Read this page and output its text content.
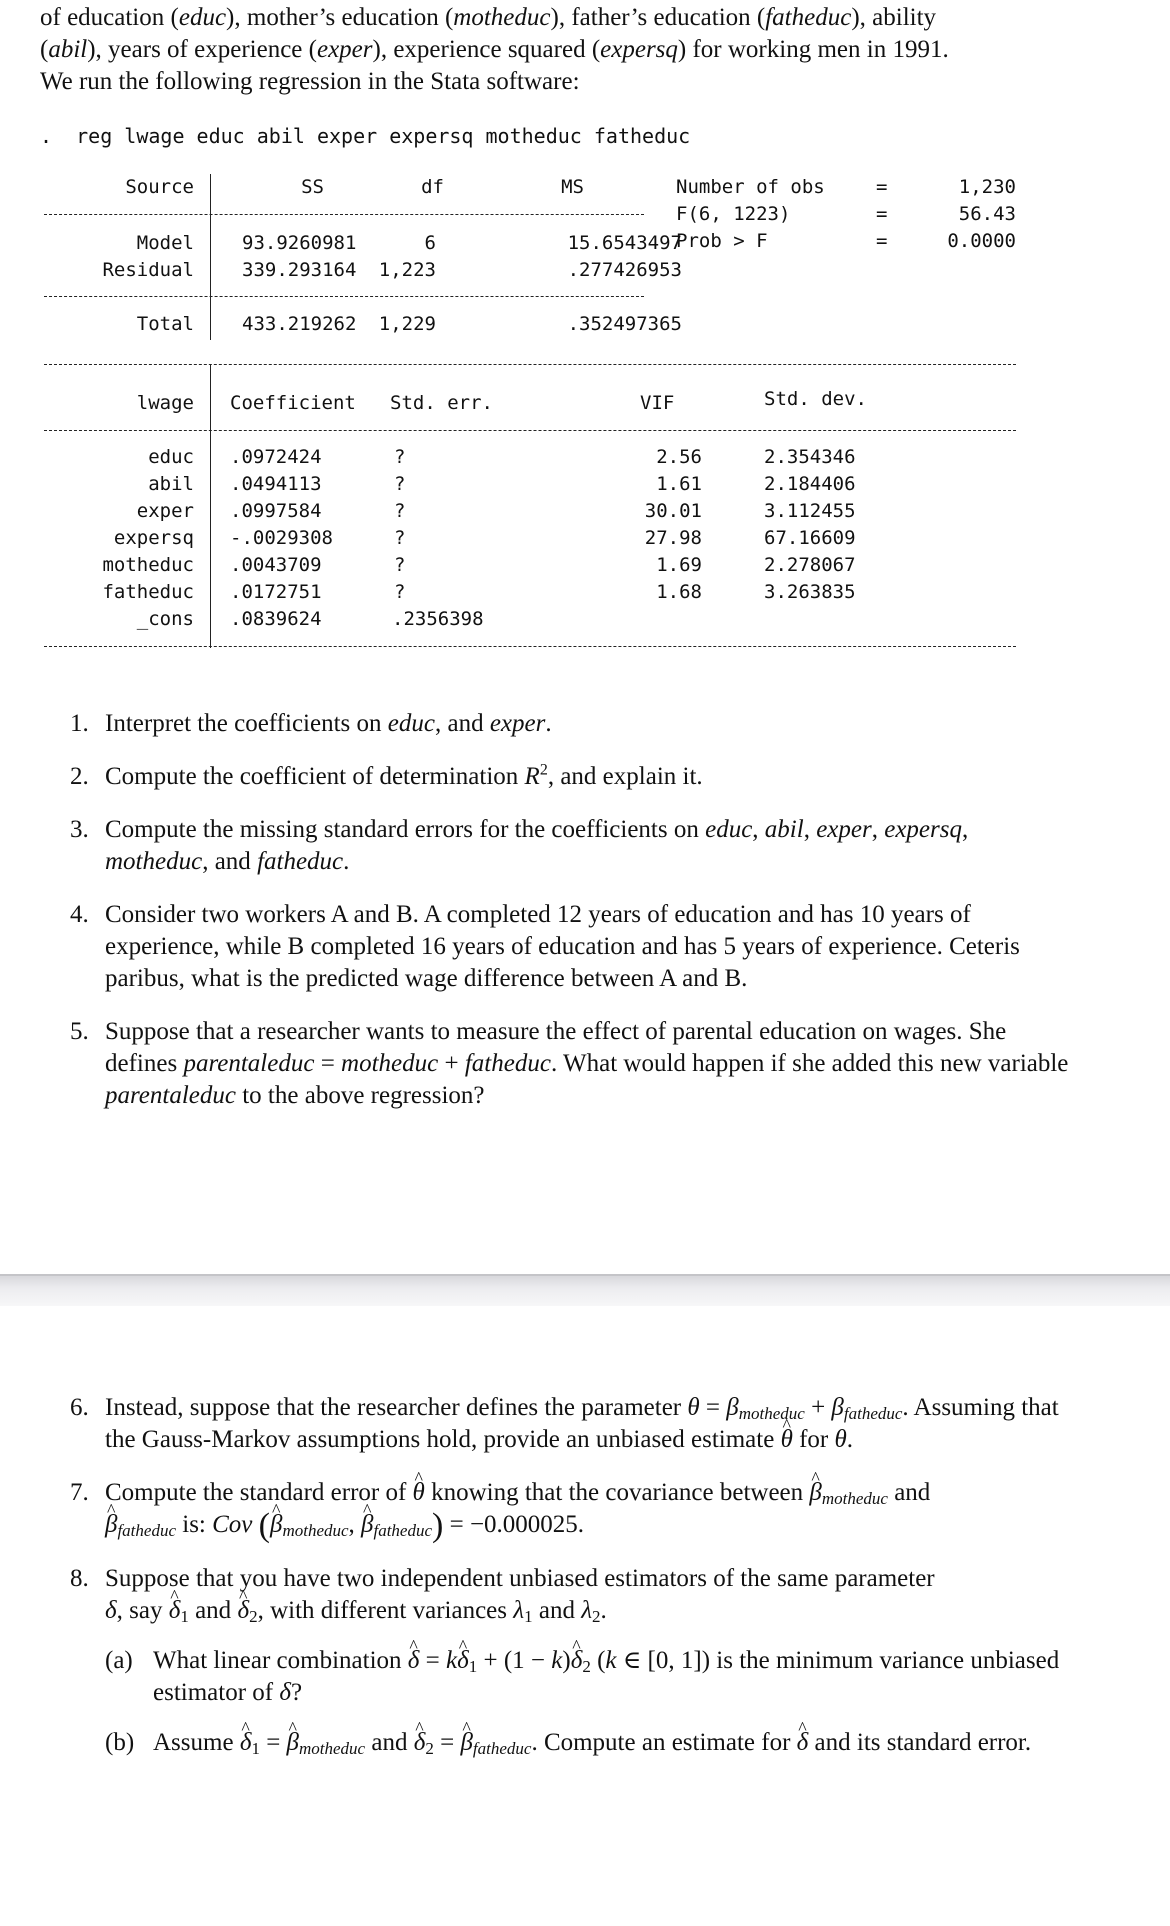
of education (educ), mother’s education (motheduc), father’s education (fatheduc), ability
(abil), years of experience (exper), experience squared (expersq) for working men in 1991.
We run the following regression in the Stata software:
.  reg lwage educ abil exper expersq motheduc fatheduc
Source	SS	df	MS
Model	93.9260981	6	15.6543497
Residual	339.293164	1,223	.277426953
Total	433.219262	1,229	.352497365
Number of obs	=	1,230
F(6, 1223)	=	56.43
Prob > F	=	0.0000
lwage Coefficient Std. err.	VIF	Std. dev.
educ .0972424	?	2.56	2.354346
abil .0494113	?	1.61	2.184406
exper .0997584	?	30.01	3.112455
expersq -.0029308	?	27.98	67.16609
motheduc .0043709	?	1.69	2.278067
fatheduc .0172751	?	1.68	3.263835
_cons .0839624	.2356398
1. Interpret the coefficients on educ, and exper.
2. Compute the coefficient of determination $R^2$, and explain it.
3. Compute the missing standard errors for the coefficients on educ, abil, exper, expersq,
motheduc, and fatheduc.
4. Consider two workers A and B. A completed 12 years of education and has 10 years of experience, while B completed 16 years of education and has 5 years of experience. Ceteris paribus, what is the predicted wage difference between A and B.
5. Suppose that a researcher wants to measure the effect of parental education on wages. She defines parentaleduc = motheduc + fatheduc. What would happen if she added this new variable parentaleduc to the above regression?
6. Instead, suppose that the researcher defines the parameter $\theta = \beta_{motheduc} + \beta_{fatheduc}$. Assuming that the Gauss-Markov assumptions hold, provide an unbiased estimate θ ^ for θ.
7. Compute the standard error of θ ^ knowing that the covariance between β $\^{}_{motheduc}$ and
β $\^{}_{fatheduc}$ is: Cov (β $\^{}_{motheduc}$, β $\^{}_{fatheduc}) = -0.000025$.
8. Suppose that you have two independent unbiased estimators of the same parameter
δ, say δ $\^{}_1$ and δ $\^{}_2$, with different variances $\lambda_1$ and $\lambda_2$.
(a) What linear combination δ ^ = kδ $\^{}_1 + (1 - k)\delta$ $\^{}_2$ (k ∈ [0, 1]) is the minimum variance unbiased estimator of δ?
(b) Assume δ $\^{}_1 = \beta$ $\^{}_{motheduc}$ and δ $\^{}_2 = \beta$ $\^{}_{fatheduc}$. Compute an estimate for δ ^ and its standard error.
